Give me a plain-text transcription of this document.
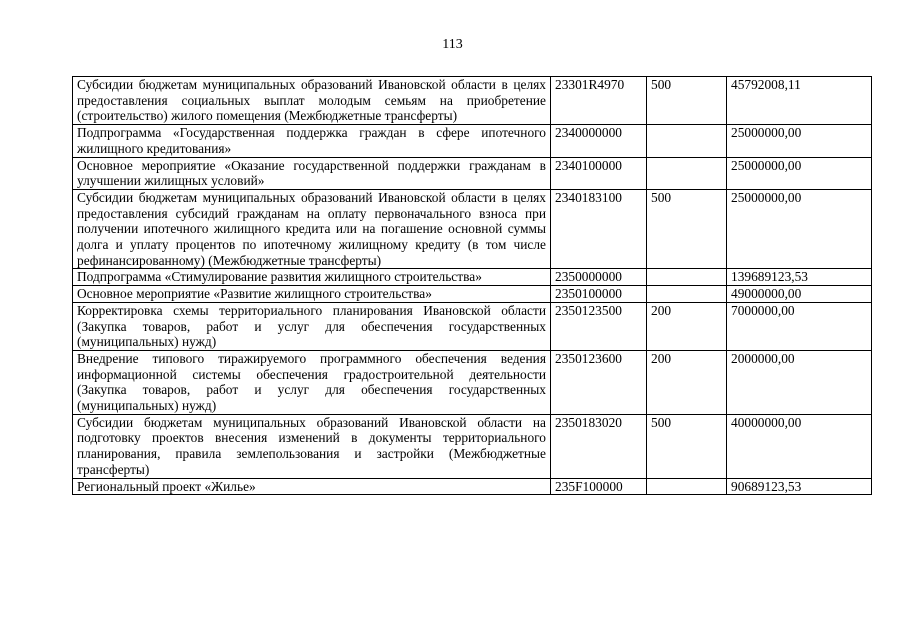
113
Субсидии бюджетам муниципальных образований Ивановской области в целях предоставления социальных выплат молодым семьям на приобретение (строительство) жилого помещения (Межбюджетные трансферты)	23301R4970	500	45792008,11
Подпрограмма «Государственная поддержка граждан в сфере ипотечного жилищного кредитования»	2340000000		25000000,00
Основное мероприятие «Оказание государственной поддержки гражданам в улучшении жилищных условий»	2340100000		25000000,00
Субсидии бюджетам муниципальных образований Ивановской области в целях предоставления субсидий гражданам на оплату первоначального взноса при получении ипотечного жилищного кредита или на погашение основной суммы долга и уплату процентов по ипотечному жилищному кредиту (в том числе рефинансированному) (Межбюджетные трансферты)	2340183100	500	25000000,00
Подпрограмма «Стимулирование развития жилищного строительства»	2350000000		139689123,53
Основное мероприятие «Развитие жилищного строительства»	2350100000		49000000,00
Корректировка схемы территориального планирования Ивановской области (Закупка товаров, работ и услуг для обеспечения государственных (муниципальных) нужд)	2350123500	200	7000000,00
Внедрение типового тиражируемого программного обеспечения ведения информационной системы обеспечения градостроительной деятельности (Закупка товаров, работ и услуг для обеспечения государственных (муниципальных) нужд)	2350123600	200	2000000,00
Субсидии бюджетам муниципальных образований Ивановской области на подготовку проектов внесения изменений в документы территориального планирования, правила землепользования и застройки (Межбюджетные трансферты)	2350183020	500	40000000,00
Региональный проект «Жилье»	235F100000		90689123,53
